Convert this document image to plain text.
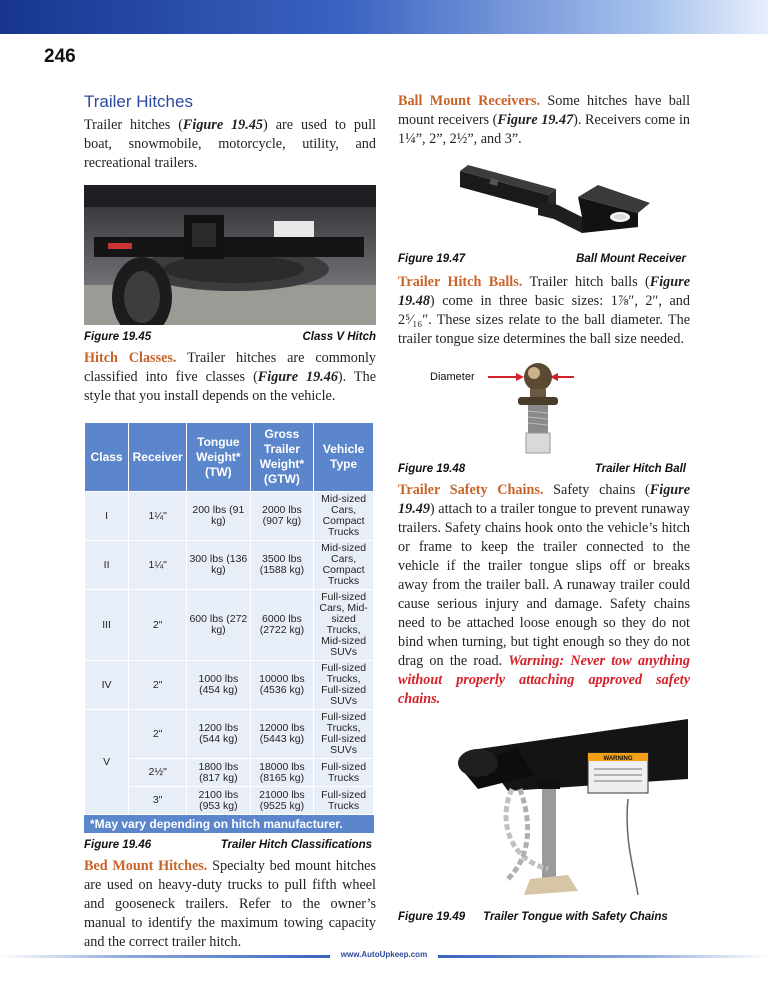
246
Trailer Hitches

Trailer hitches (Figure 19.45) are used to pull boat, snowmobile, motorcycle, utility, and recreational trailers.

Figure 19.45	Class V Hitch

Hitch Classes. Trailer hitches are commonly classified into five classes (Figure 19.46). The style that you install depends on the vehicle.

Class	Receiver	Tongue Weight* (TW)	Gross Trailer Weight* (GTW)	Vehicle Type
I	1¼"	200 lbs (91 kg)	2000 lbs (907 kg)	Mid-sized Cars, Compact Trucks
II	1¼"	300 lbs (136 kg)	3500 lbs (1588 kg)	Mid-sized Cars, Compact Trucks
III	2"	600 lbs (272 kg)	6000 lbs (2722 kg)	Full-sized Cars, Mid-sized Trucks, Mid-sized SUVs
IV	2"	1000 lbs (454 kg)	10000 lbs (4536 kg)	Full-sized Trucks, Full-sized SUVs
V	2"	1200 lbs (544 kg)	12000 lbs (5443 kg)	Full-sized Trucks, Full-sized SUVs
	2½"	1800 lbs (817 kg)	18000 lbs (8165 kg)	Full-sized Trucks
	3"	2100 lbs (953 kg)	21000 lbs (9525 kg)	Full-sized Trucks
*May vary depending on hitch manufacturer.
Figure 19.46	Trailer Hitch Classifications

Bed Mount Hitches. Specialty bed mount hitches are used on heavy-duty trucks to pull fifth wheel and gooseneck trailers. Refer to the owner’s manual to identify the maximum towing capacity and the correct trailer hitch.

Ball Mount Receivers. Some hitches have ball mount receivers (Figure 19.47). Receivers come in 1¼”, 2”, 2½”, and 3”.

Figure 19.47	Ball Mount Receiver

Trailer Hitch Balls. Trailer hitch balls (Figure 19.48) come in three basic sizes: 1⅞″, 2″, and 2⁵⁄₁₆″. These sizes relate to the ball diameter. The trailer tongue size determines the ball size needed.

Diameter
Figure 19.48	Trailer Hitch Ball

Trailer Safety Chains. Safety chains (Figure 19.49) attach to a trailer tongue to prevent runaway trailers. Safety chains hook onto the vehicle’s hitch or frame to keep the trailer connected to the vehicle if the trailer tongue slips off or breaks away from the trailer ball. A runaway trailer could cause serious injury and damage. Safety chains need to be attached loose enough so they do not bind when turning, but tight enough so they do not drag on the road. Warning: Never tow anything without properly attaching approved safety chains.

WARNING
Figure 19.49 Trailer Tongue with Safety Chains
www.AutoUpkeep.com
